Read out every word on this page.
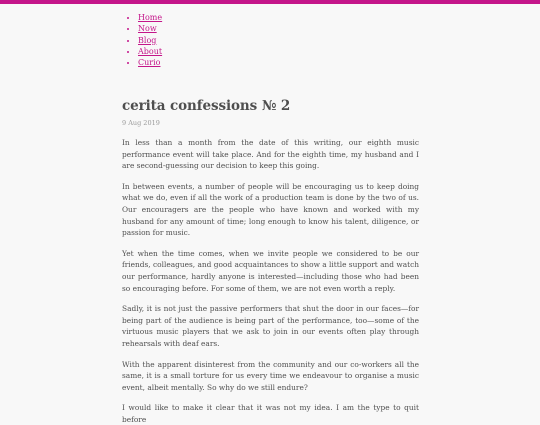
• Home
• Now
• Blog
• About
• Curio
cerita confessions № 2
9 Aug 2019

In less than a month from the date of this writing, our eighth music performance event will take place. And for the eighth time, my husband and I are second-guessing our decision to keep this going.

In between events, a number of people will be encouraging us to keep doing what we do, even if all the work of a production team is done by the two of us. Our encouragers are the people who have known and worked with my husband for any amount of time; long enough to know his talent, diligence, or passion for music.

Yet when the time comes, when we invite people we considered to be our friends, colleagues, and good acquaintances to show a little support and watch our performance, hardly anyone is interested—including those who had been so encouraging before. For some of them, we are not even worth a reply.

Sadly, it is not just the passive performers that shut the door in our faces—for being part of the audience is being part of the performance, too—some of the virtuous music players that we ask to join in our events often play through rehearsals with deaf ears.

With the apparent disinterest from the community and our co-workers all the same, it is a small torture for us every time we endeavour to organise a music event, albeit mentally. So why do we still endure?

I would like to make it clear that it was not my idea. I am the type to quit before
